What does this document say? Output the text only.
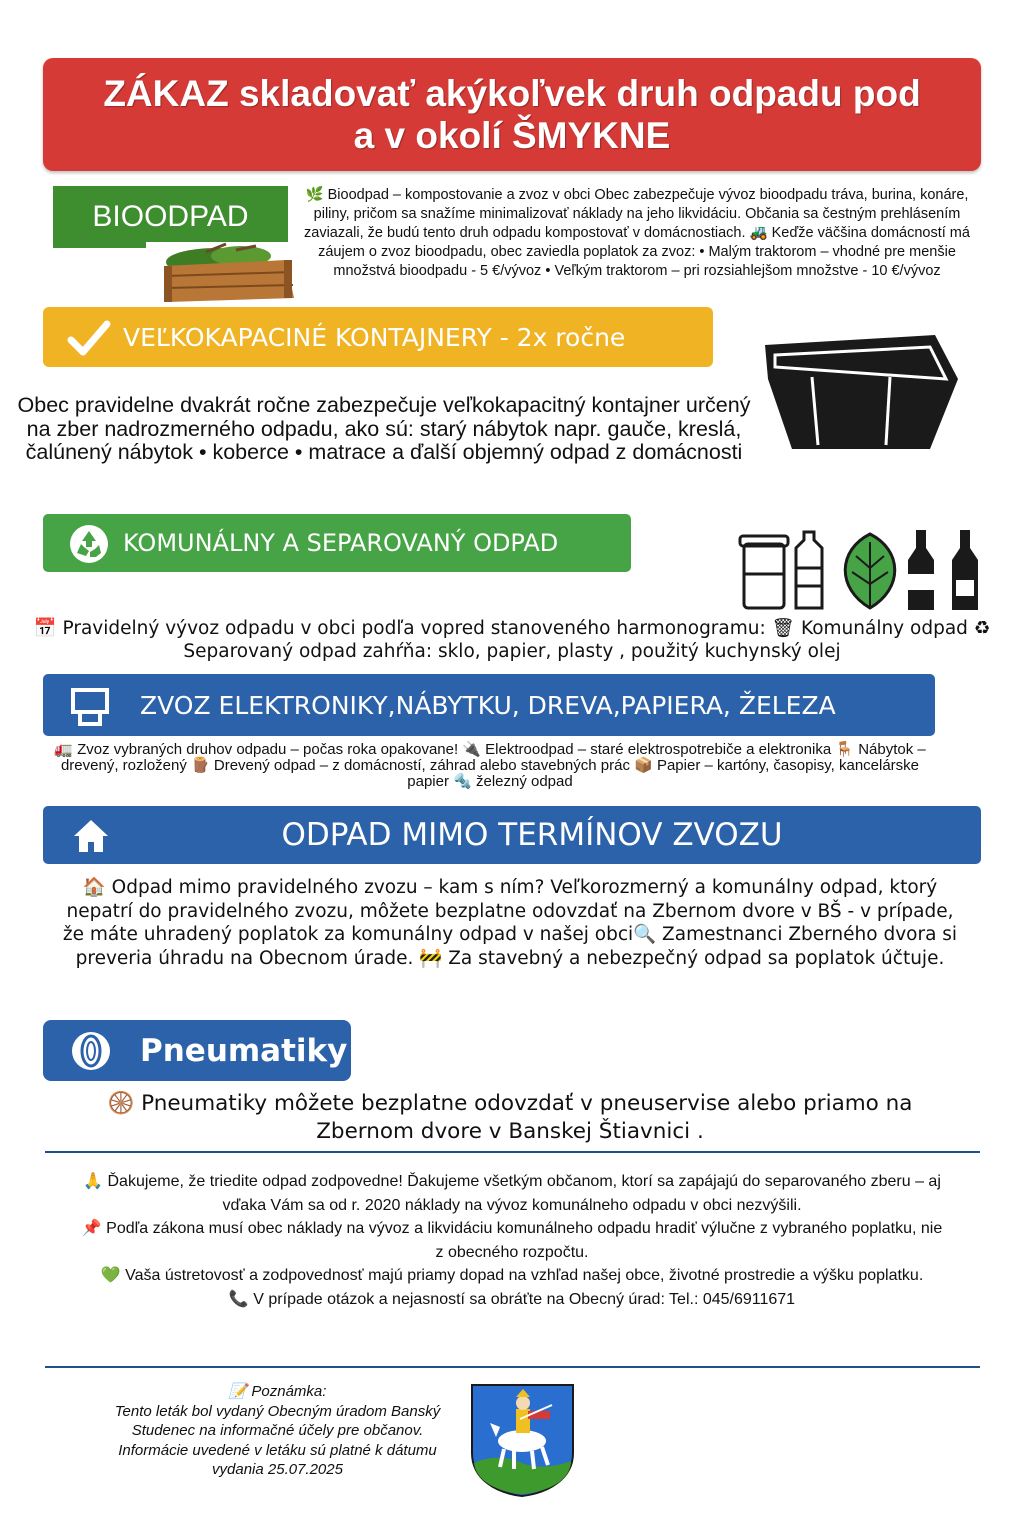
ZÁKAZ skladovať akýkoľvek druh odpadu pod
a v okolí ŠMYKNE
BIOODPAD
🌿 Bioodpad – kompostovanie a zvoz v obci Obec zabezpečuje vývoz bioodpadu tráva, burina, konáre, piliny, pričom sa snažíme minimalizovať náklady na jeho likvidáciu. Občania sa čestným prehlásením zaviazali, že budú tento druh odpadu kompostovať v domácnostiach. 🚜 Keďže väčšina domácností má záujem o zvoz bioodpadu, obec zaviedla poplatok za zvoz: • Malým traktorom – vhodné pre menšie množstvá bioodpadu - 5 €/vývoz • Veľkým traktorom – pri rozsiahlejšom množstve - 10 €/vývoz
VEĽKOKAPACINÉ KONTAJNERY - 2x ročne
Obec pravidelne dvakrát ročne zabezpečuje veľkokapacitný kontajner určený na zber nadrozmerného odpadu, ako sú: starý nábytok napr. gauče, kreslá, čalúnený nábytok • koberce • matrace a ďalší objemný odpad z domácnosti
KOMUNÁLNY A SEPAROVANÝ ODPAD
📅 Pravidelný vývoz odpadu v obci podľa vopred stanoveného harmonogramu: 🗑 Komunálny odpad ♻ Separovaný odpad zahŕňa: sklo, papier, plasty , použitý kuchynský olej
ZVOZ ELEKTRONIKY,NÁBYTKU, DREVA,PAPIERA, ŽELEZA
🚛 Zvoz vybraných druhov odpadu – počas roka opakovane! 🔌 Elektroodpad – staré elektrospotrebiče a elektronika 🪑 Nábytok – drevený, rozložený 🪵 Drevený odpad – z domácností, záhrad alebo stavebných prác 📦 Papier – kartóny, časopisy, kancelárske papier 🔩 železný odpad
ODPAD MIMO TERMÍNOV ZVOZU
🏠 Odpad mimo pravidelného zvozu – kam s ním? Veľkorozmerný a komunálny odpad, ktorý nepatrí do pravidelného zvozu, môžete bezplatne odovzdať na Zbernom dvore v BŠ - v prípade, že máte uhradený poplatok za komunálny odpad v našej obci🔍 Zamestnanci Zberného dvora si preveria úhradu na Obecnom úrade. 🚧 Za stavebný a nebezpečný odpad sa poplatok účtuje.
Pneumatiky
🛞 Pneumatiky môžete bezplatne odovzdať v pneuservise alebo priamo na Zbernom dvore v Banskej Štiavnici .
🙏 Ďakujeme, že triedite odpad zodpovedne! Ďakujeme všetkým občanom, ktorí sa zapájajú do separovaného zberu – aj vďaka Vám sa od r. 2020 náklady na vývoz komunálneho odpadu v obci nezvýšili.
📌 Podľa zákona musí obec náklady na vývoz a likvidáciu komunálneho odpadu hradiť výlučne z vybraného poplatku, nie z obecného rozpočtu.
💚 Vaša ústretovosť a zodpovednosť majú priamy dopad na vzhľad našej obce, životné prostredie a výšku poplatku.
📞 V prípade otázok a nejasností sa obráťte na Obecný úrad: Tel.: 045/6911671
📝 Poznámka:
Tento leták bol vydaný Obecným úradom Banský Studenec na informačné účely pre občanov. Informácie uvedené v letáku sú platné k dátumu vydania 25.07.2025
